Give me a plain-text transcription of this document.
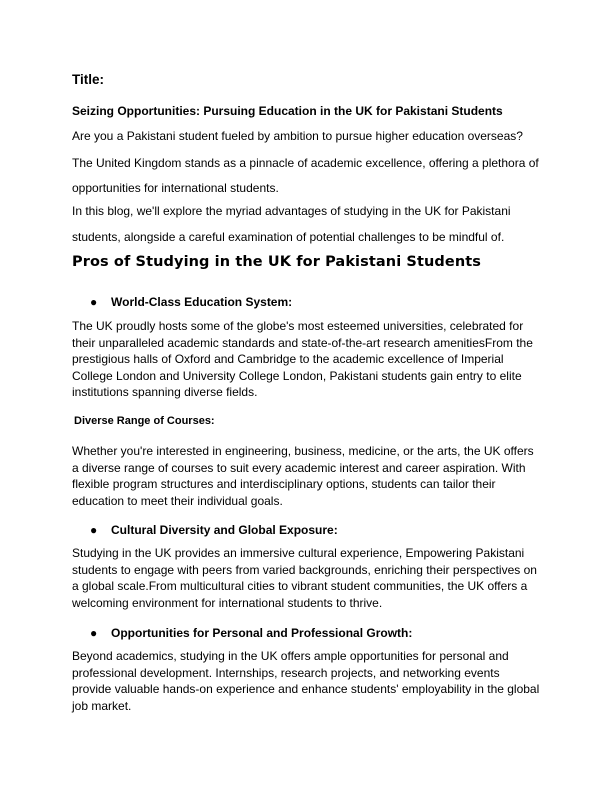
Title:
Seizing Opportunities: Pursuing Education in the UK for Pakistani Students
Are you a Pakistani student fueled by ambition to pursue higher education overseas?
The United Kingdom stands as a pinnacle of academic excellence, offering a plethora of
opportunities for international students.
In this blog, we'll explore the myriad advantages of studying in the UK for Pakistani
students, alongside a careful examination of potential challenges to be mindful of.
Pros of Studying in the UK for Pakistani Students
● World-Class Education System:
The UK proudly hosts some of the globe's most esteemed universities, celebrated for
their unparalleled academic standards and state-of-the-art research amenitiesFrom the
prestigious halls of Oxford and Cambridge to the academic excellence of Imperial
College London and University College London, Pakistani students gain entry to elite
institutions spanning diverse fields.
Diverse Range of Courses:
Whether you're interested in engineering, business, medicine, or the arts, the UK offers
a diverse range of courses to suit every academic interest and career aspiration. With
flexible program structures and interdisciplinary options, students can tailor their
education to meet their individual goals.
● Cultural Diversity and Global Exposure:
Studying in the UK provides an immersive cultural experience, Empowering Pakistani
students to engage with peers from varied backgrounds, enriching their perspectives on
a global scale.From multicultural cities to vibrant student communities, the UK offers a
welcoming environment for international students to thrive.
● Opportunities for Personal and Professional Growth:
Beyond academics, studying in the UK offers ample opportunities for personal and
professional development. Internships, research projects, and networking events
provide valuable hands-on experience and enhance students' employability in the global
job market.
